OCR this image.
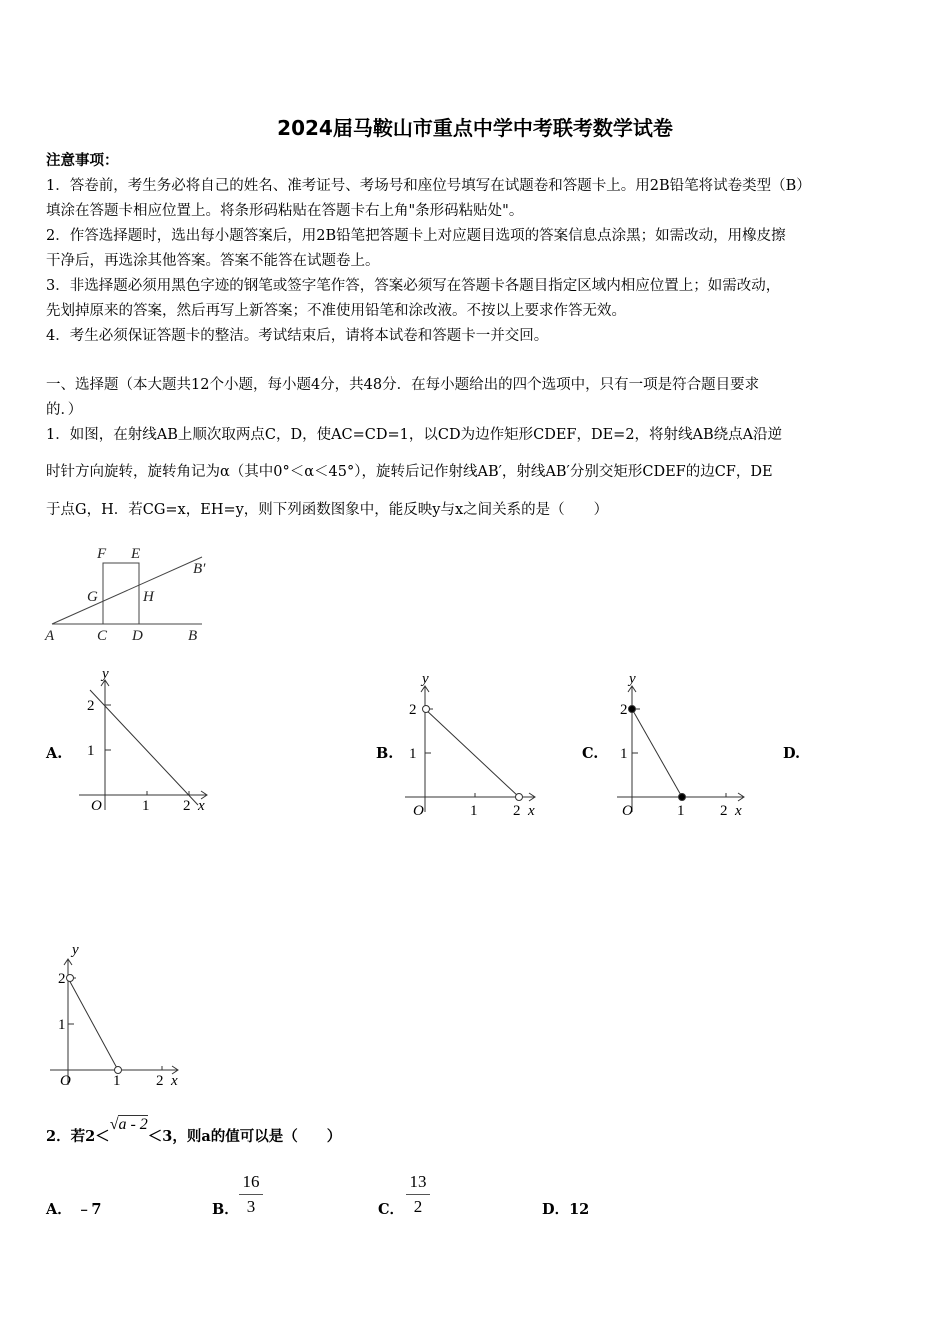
2024届马鞍山市重点中学中考联考数学试卷
注意事项：
1．答卷前，考生务必将自己的姓名、准考证号、考场号和座位号填写在试题卷和答题卡上。用2B铅笔将试卷类型（B）
填涂在答题卡相应位置上。将条形码粘贴在答题卡右上角"条形码粘贴处"。
2．作答选择题时，选出每小题答案后，用2B铅笔把答题卡上对应题目选项的答案信息点涂黑；如需改动，用橡皮擦
干净后，再选涂其他答案。答案不能答在试题卷上。
3．非选择题必须用黑色字迹的钢笔或签字笔作答，答案必须写在答题卡各题目指定区域内相应位置上；如需改动，
先划掉原来的答案，然后再写上新答案；不准使用铅笔和涂改液。不按以上要求作答无效。
4．考生必须保证答题卡的整洁。考试结束后，请将本试卷和答题卡一并交回。
一、选择题（本大题共12个小题，每小题4分，共48分．在每小题给出的四个选项中，只有一项是符合题目要求
的．）
1．如图，在射线AB上顺次取两点C，D，使AC=CD=1，以CD为边作矩形CDEF，DE=2，将射线AB绕点A沿逆
时针方向旋转，旋转角记为α（其中0°＜α＜45°），旋转后记作射线AB′，射线AB′分别交矩形CDEF的边CF，DE
于点G，H．若CG=x，EH=y，则下列函数图象中，能反映y与x之间关系的是（　　）
A	C D	B
F E
G	H
B′
A.	B.	C.	D.
O	1 2 x
1
2
y
O	1 2 x
1
2
y
O	1 2 x
1
2
y
O	1 2 x
1
2
y
2．若2＜√a - 2＜3，则a的值可以是（　　）
A． ﹣7	B． $\frac{16}{3}$	C． $\frac{13}{2}$	D．12
